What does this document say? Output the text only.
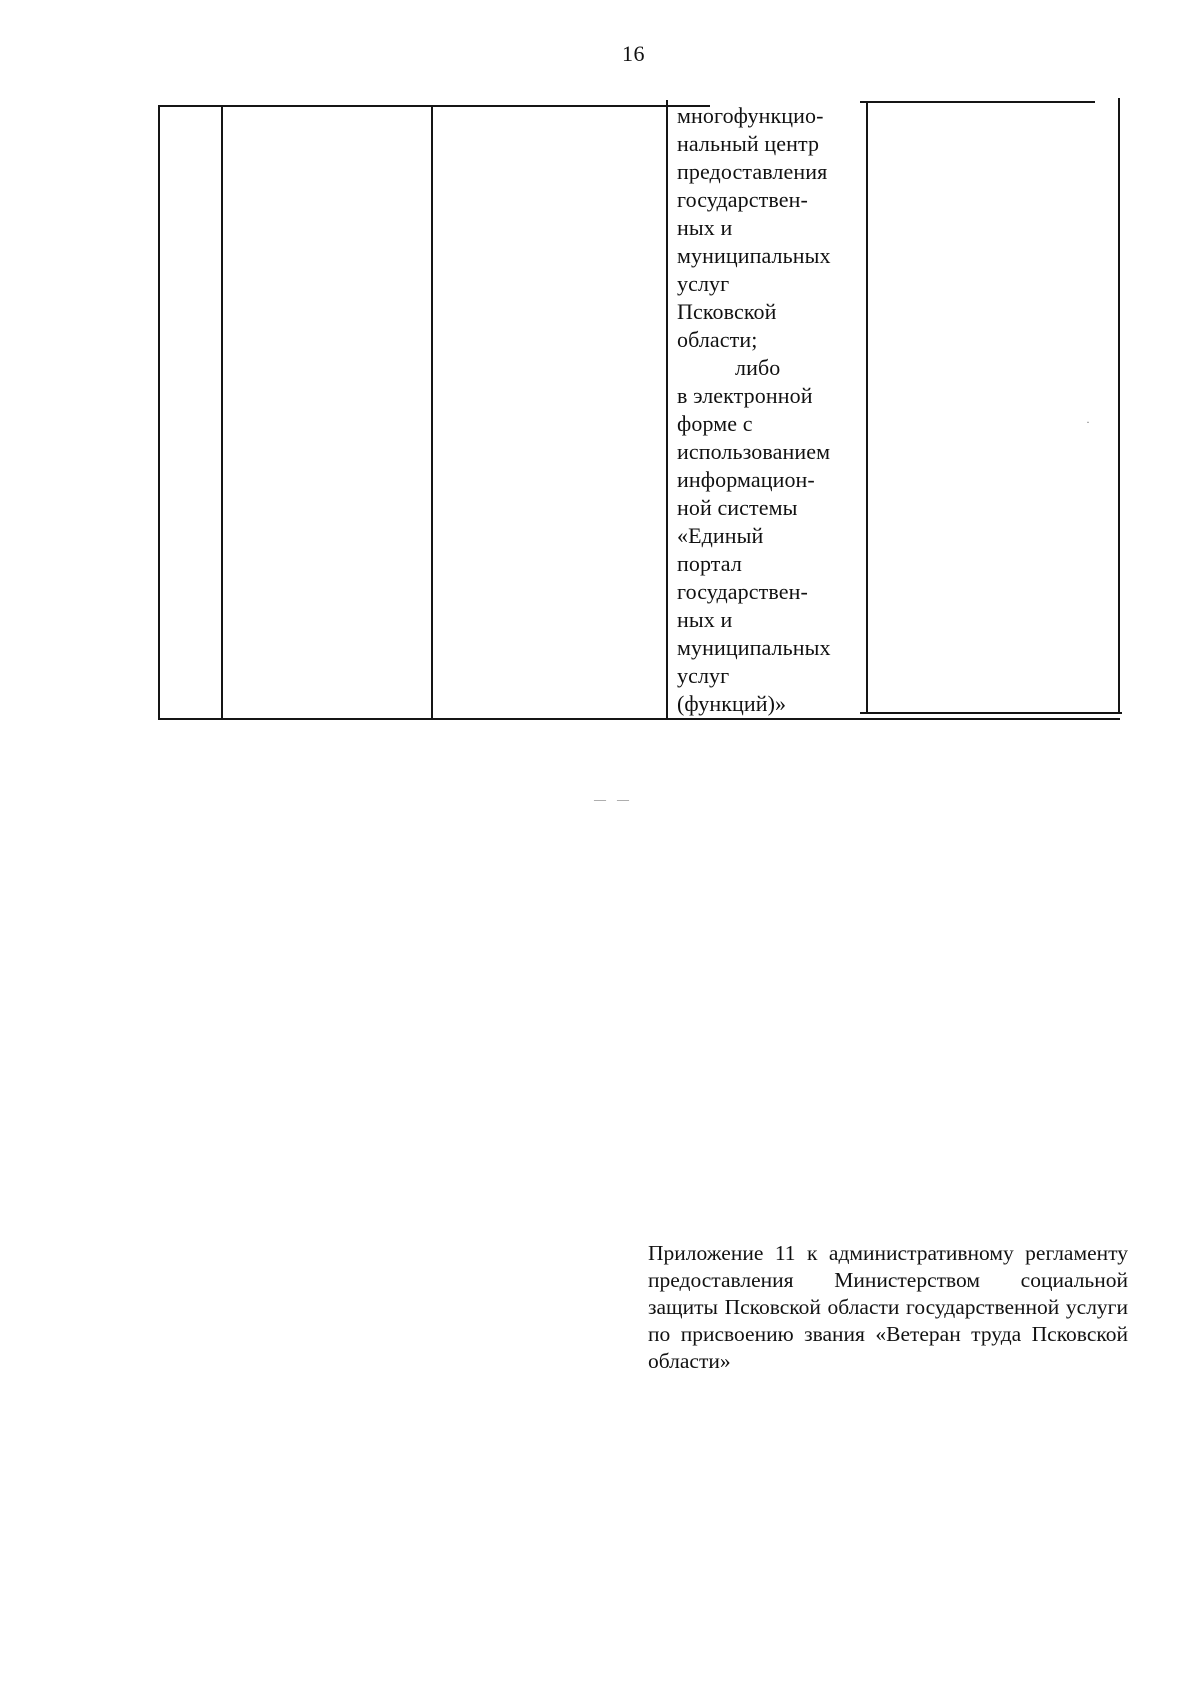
16
многофункцио-
нальный центр
предоставления
государствен-
ных и
муниципальных
услуг
Псковской
области;
либо
в электронной
форме с
использованием
информацион-
ной системы
«Единый
портал
государствен-
ных и
муниципальных
услуг
(функций)»
— —
·
Приложение 11 к административному регламенту предоставления Министерством социальной защиты Псковской области государственной услуги по присвоению звания «Ветеран труда Псковской области»
